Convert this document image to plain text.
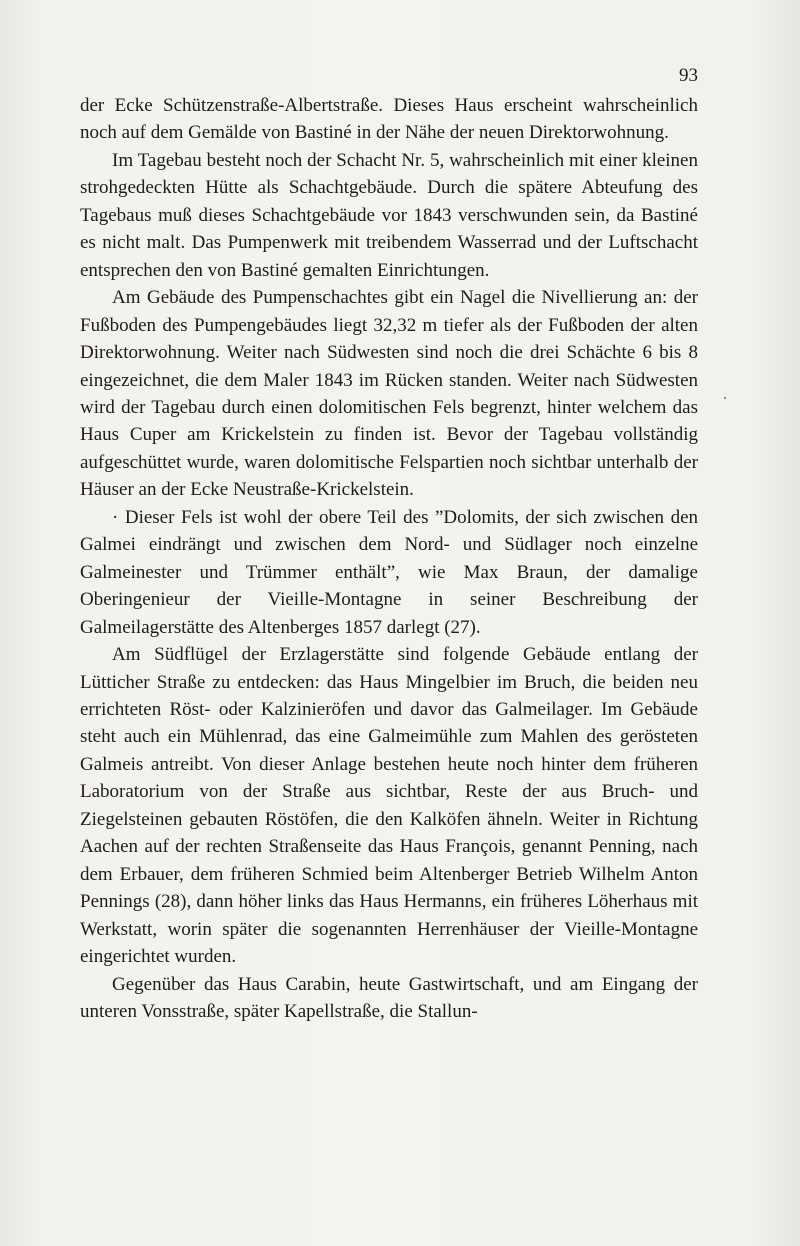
93

der Ecke Schützenstraße-Albertstraße. Dieses Haus erscheint wahrscheinlich noch auf dem Gemälde von Bastiné in der Nähe der neuen Direktorwohnung.

Im Tagebau besteht noch der Schacht Nr. 5, wahrscheinlich mit einer kleinen strohgedeckten Hütte als Schachtgebäude. Durch die spätere Abteufung des Tagebaus muß dieses Schachtgebäude vor 1843 verschwunden sein, da Bastiné es nicht malt. Das Pumpenwerk mit treibendem Wasserrad und der Luftschacht entsprechen den von Bastiné gemalten Einrichtungen.

Am Gebäude des Pumpenschachtes gibt ein Nagel die Nivellierung an: der Fußboden des Pumpengebäudes liegt 32,32 m tiefer als der Fußboden der alten Direktorwohnung. Weiter nach Südwesten sind noch die drei Schächte 6 bis 8 eingezeichnet, die dem Maler 1843 im Rücken standen. Weiter nach Südwesten wird der Tagebau durch einen dolomitischen Fels begrenzt, hinter welchem das Haus Cuper am Krickelstein zu finden ist. Bevor der Tagebau vollständig aufgeschüttet wurde, waren dolomitische Felspartien noch sichtbar unterhalb der Häuser an der Ecke Neustraße-Krickelstein.

· Dieser Fels ist wohl der obere Teil des ”Dolomits, der sich zwischen den Galmei eindrängt und zwischen dem Nord- und Südlager noch einzelne Galmeinester und Trümmer enthält”, wie Max Braun, der damalige Oberingenieur der Vieille-Montagne in seiner Beschreibung der Galmeilagerstätte des Altenberges 1857 darlegt (27).

Am Südflügel der Erzlagerstätte sind folgende Gebäude entlang der Lütticher Straße zu entdecken: das Haus Mingelbier im Bruch, die beiden neu errichteten Röst- oder Kalzinieröfen und davor das Galmeilager. Im Gebäude steht auch ein Mühlenrad, das eine Galmeimühle zum Mahlen des gerösteten Galmeis antreibt. Von dieser Anlage bestehen heute noch hinter dem früheren Laboratorium von der Straße aus sichtbar, Reste der aus Bruch- und Ziegelsteinen gebauten Röstöfen, die den Kalköfen ähneln. Weiter in Richtung Aachen auf der rechten Straßenseite das Haus François, genannt Penning, nach dem Erbauer, dem früheren Schmied beim Altenberger Betrieb Wilhelm Anton Pennings (28), dann höher links das Haus Hermanns, ein früheres Löherhaus mit Werkstatt, worin später die sogenannten Herrenhäuser der Vieille-Montagne eingerichtet wurden.

Gegenüber das Haus Carabin, heute Gastwirtschaft, und am Eingang der unteren Vonsstraße, später Kapellstraße, die Stallun-
